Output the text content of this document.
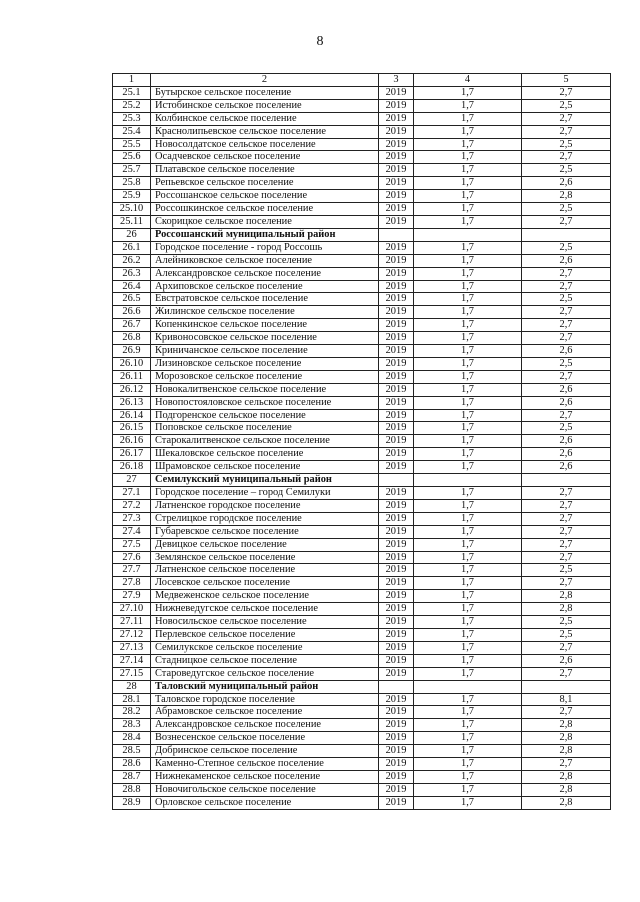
8
1	2	3	4	5
25.1	Бутырское сельское поселение	2019	1,7	2,7
25.2	Истобинское сельское поселение	2019	1,7	2,5
25.3	Колбинское сельское поселение	2019	1,7	2,7
25.4	Краснолипьевское сельское поселение	2019	1,7	2,7
25.5	Новосолдатское сельское поселение	2019	1,7	2,5
25.6	Осадчевское сельское поселение	2019	1,7	2,7
25.7	Платавское сельское поселение	2019	1,7	2,5
25.8	Репьевское сельское поселение	2019	1,7	2,6
25.9	Россошанское сельское поселение	2019	1,7	2,8
25.10	Россошкинское сельское поселение	2019	1,7	2,5
25.11	Скорицкое сельское поселение	2019	1,7	2,7
26	Россошанский муниципальный район			
26.1	Городское поселение - город Россошь	2019	1,7	2,5
26.2	Алейниковское сельское поселение	2019	1,7	2,6
26.3	Александровское сельское поселение	2019	1,7	2,7
26.4	Архиповское сельское поселение	2019	1,7	2,7
26.5	Евстратовское сельское поселение	2019	1,7	2,5
26.6	Жилинское сельское поселение	2019	1,7	2,7
26.7	Копенкинское сельское поселение	2019	1,7	2,7
26.8	Кривоносовское сельское поселение	2019	1,7	2,7
26.9	Криничанское сельское поселение	2019	1,7	2,6
26.10	Лизиновское сельское поселение	2019	1,7	2,5
26.11	Морозовское сельское поселение	2019	1,7	2,7
26.12	Новокалитвенское сельское поселение	2019	1,7	2,6
26.13	Новопостояловское сельское поселение	2019	1,7	2,6
26.14	Подгоренское сельское поселение	2019	1,7	2,7
26.15	Поповское сельское поселение	2019	1,7	2,5
26.16	Старокалитвенское сельское поселение	2019	1,7	2,6
26.17	Шекаловское сельское поселение	2019	1,7	2,6
26.18	Шрамовское сельское поселение	2019	1,7	2,6
27	Семилукский муниципальный район			
27.1	Городское поселение – город Семилуки	2019	1,7	2,7
27.2	Латненское городское поселение	2019	1,7	2,7
27.3	Стрелицкое городское поселение	2019	1,7	2,7
27.4	Губаревское сельское поселение	2019	1,7	2,7
27.5	Девицкое сельское поселение	2019	1,7	2,7
27.6	Землянское сельское поселение	2019	1,7	2,7
27.7	Латненское сельское поселение	2019	1,7	2,5
27.8	Лосевское сельское поселение	2019	1,7	2,7
27.9	Медвеженское сельское поселение	2019	1,7	2,8
27.10	Нижневедугское сельское поселение	2019	1,7	2,8
27.11	Новосильское сельское поселение	2019	1,7	2,5
27.12	Перлевское сельское поселение	2019	1,7	2,5
27.13	Семилукское сельское поселение	2019	1,7	2,7
27.14	Стадницкое сельское поселение	2019	1,7	2,6
27.15	Староведугское сельское поселение	2019	1,7	2,7
28	Таловский муниципальный район			
28.1	Таловское городское поселение	2019	1,7	8,1
28.2	Абрамовское сельское поселение	2019	1,7	2,7
28.3	Александровское сельское поселение	2019	1,7	2,8
28.4	Вознесенское сельское поселение	2019	1,7	2,8
28.5	Добринское сельское поселение	2019	1,7	2,8
28.6	Каменно-Степное сельское поселение	2019	1,7	2,7
28.7	Нижнекаменское сельское поселение	2019	1,7	2,8
28.8	Новочигольское сельское поселение	2019	1,7	2,8
28.9	Орловское сельское поселение	2019	1,7	2,8
